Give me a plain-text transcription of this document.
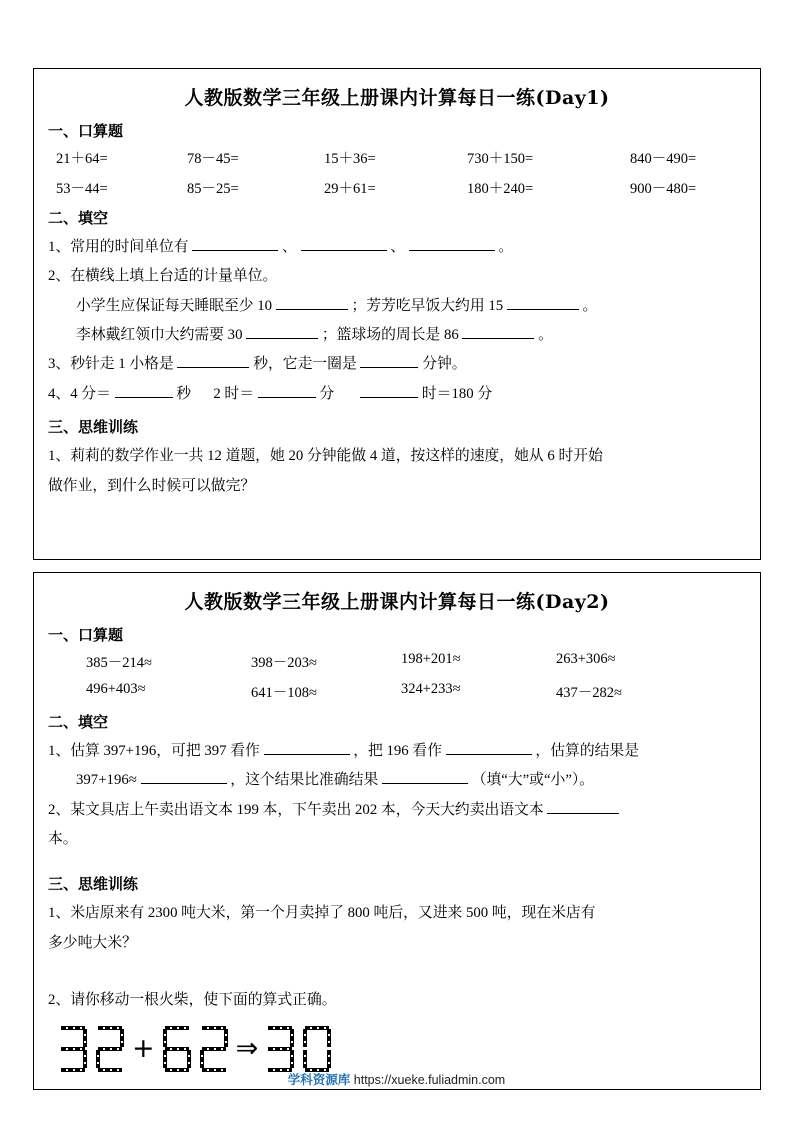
人教版数学三年级上册课内计算每日一练(Day1)
一、口算题
21＋64=	78－45=	15＋36=	730＋150=	840－490=
53－44=	85－25=	29＋61=	180＋240=	900－480=
二、填空
1、常用的时间单位有	、	、	。
2、在横线上填上台适的计量单位。
小学生应保证每天睡眠至少 10	；芳芳吃早饭大约用 15	。
李林戴红领巾大约需要 30	；篮球场的周长是 86	。
3、秒针走 1 小格是	秒，它走一圈是	分钟。
4、4 分＝	秒 2 时＝	分	时＝180 分
三、思维训练
1、莉莉的数学作业一共 12 道题，她 20 分钟能做 4 道，按这样的速度，她从 6 时开始
做作业，到什么时候可以做完？
人教版数学三年级上册课内计算每日一练(Day2)
一、口算题
385－214≈	398－203≈	198+201≈	263+306≈
496+403≈	641－108≈	324+233≈	437－282≈
二、填空
1、估算 397+196，可把 397 看作	，把 196 看作	，估算的结果是
397+196≈	，这个结果比准确结果	（填“大”或“小”）。
2、某文具店上午卖出语文本 199 本，下午卖出 202 本，今天大约卖出语文本
本。
三、思维训练
1、米店原来有 2300 吨大米，第一个月卖掉了 800 吨后，又进来 500 吨，现在米店有
多少吨大米？
2、请你移动一根火柴，使下面的算式正确。
+	⇒
学科资源库 https://xueke.fuliadmin.com
